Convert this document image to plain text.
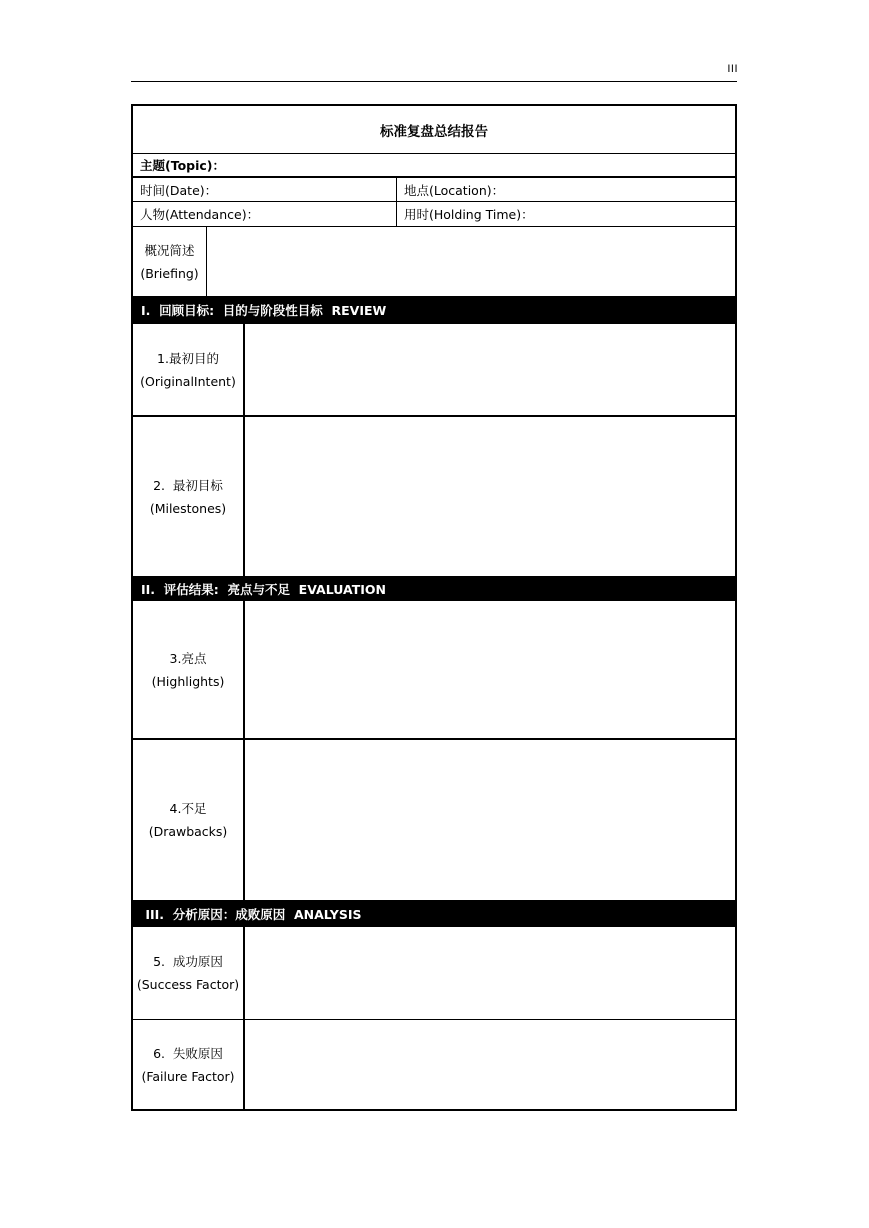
III
标准复盘总结报告
主题(Topic)：
时间(Date)：	地点(Location)：
人物(Attendance)：	用时(Holding Time)：
概况简述
(Briefing)
I.  回顾目标:  目的与阶段性目标  REVIEW
1.最初目的
(OriginalIntent)
2.  最初目标
(Milestones)
II.  评估结果:  亮点与不足  EVALUATION
3.亮点
(Highlights)
4.不足
(Drawbacks)
III.  分析原因：成败原因  ANALYSIS
5.  成功原因
(Success Factor)
6.  失败原因
(Failure Factor)
